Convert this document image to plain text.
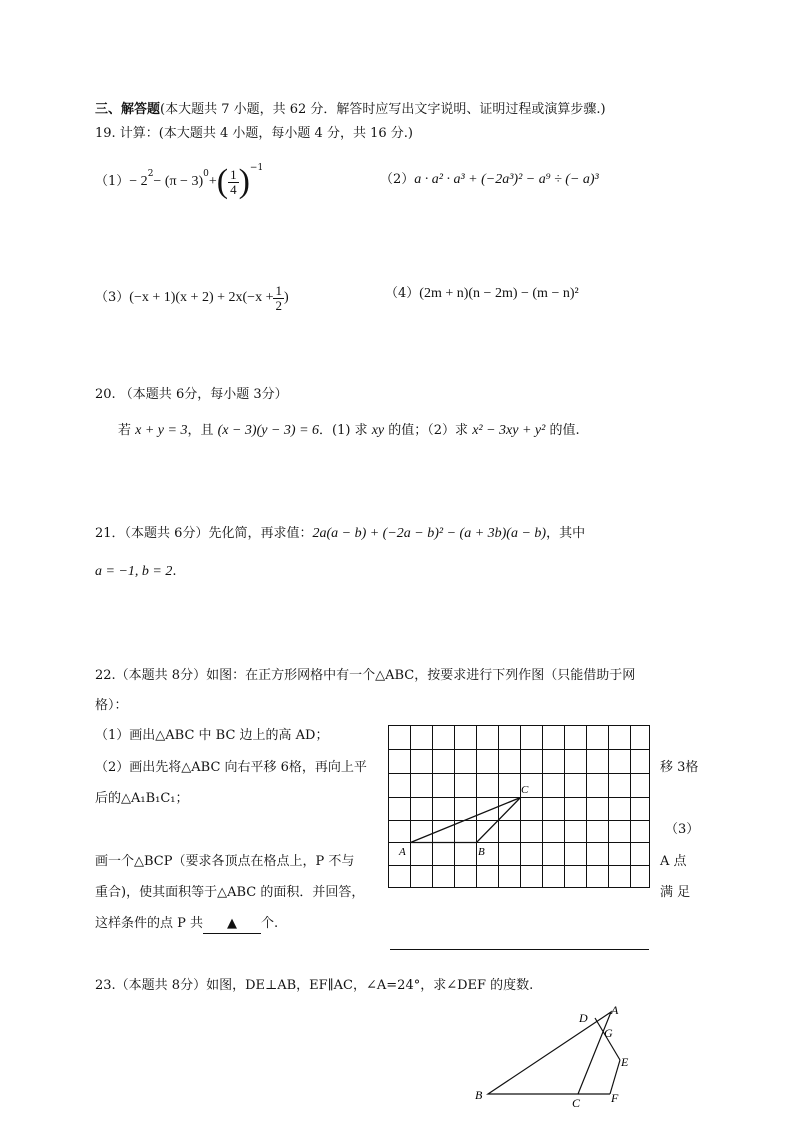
三、解答题(本大题共 7 小题，共 62 分．解答时应写出文字说明、证明过程或演算步骤.)
19. 计算：(本大题共 4 小题，每小题 4 分，共 16 分.)
$(1) - 2^2 - (\pi - 3)^0$ + ( $\frac{1}{4} )^{-1}$
（2）a · a² · a³ + (−2a³)² − a⁹ ÷ (− a)³
（3） $(-x + 1)(x + 2) + 2x(-x + \frac{1}{2}$ )	（4）(2m + n)(n − 2m) − (m − n)²
20. （本题共 6分，每小题 3分）
若 x + y = 3，且 (x − 3)(y − 3) = 6．(1) 求 xy 的值；（2）求 x² − 3xy + y² 的值.
21．（本题共 6分）先化简，再求值：2a(a − b) + (−2a − b)² − (a + 3b)(a − b)，其中
a = −1, b = 2.
22.（本题共 8分）如图：在正方形网格中有一个△ABC，按要求进行下列作图（只能借助于网
格）：
（1）画出△ABC 中 BC 边上的高 AD；
（2）画出先将△ABC 向右平移 6格，再向上平	移 3格
后的△A₁B₁C₁；
（3）
画一个△BCP（要求各顶点在格点上，P 不与	A 点
重合)，使其面积等于△ABC 的面积．并回答，	满 足
这样条件的点 P 共 ▲ 个.
A	B
C
23.（本题共 8分）如图，DE⊥AB，EF∥AC，∠A=24°，求∠DEF 的度数.
A
D
G
E
B
C	F
